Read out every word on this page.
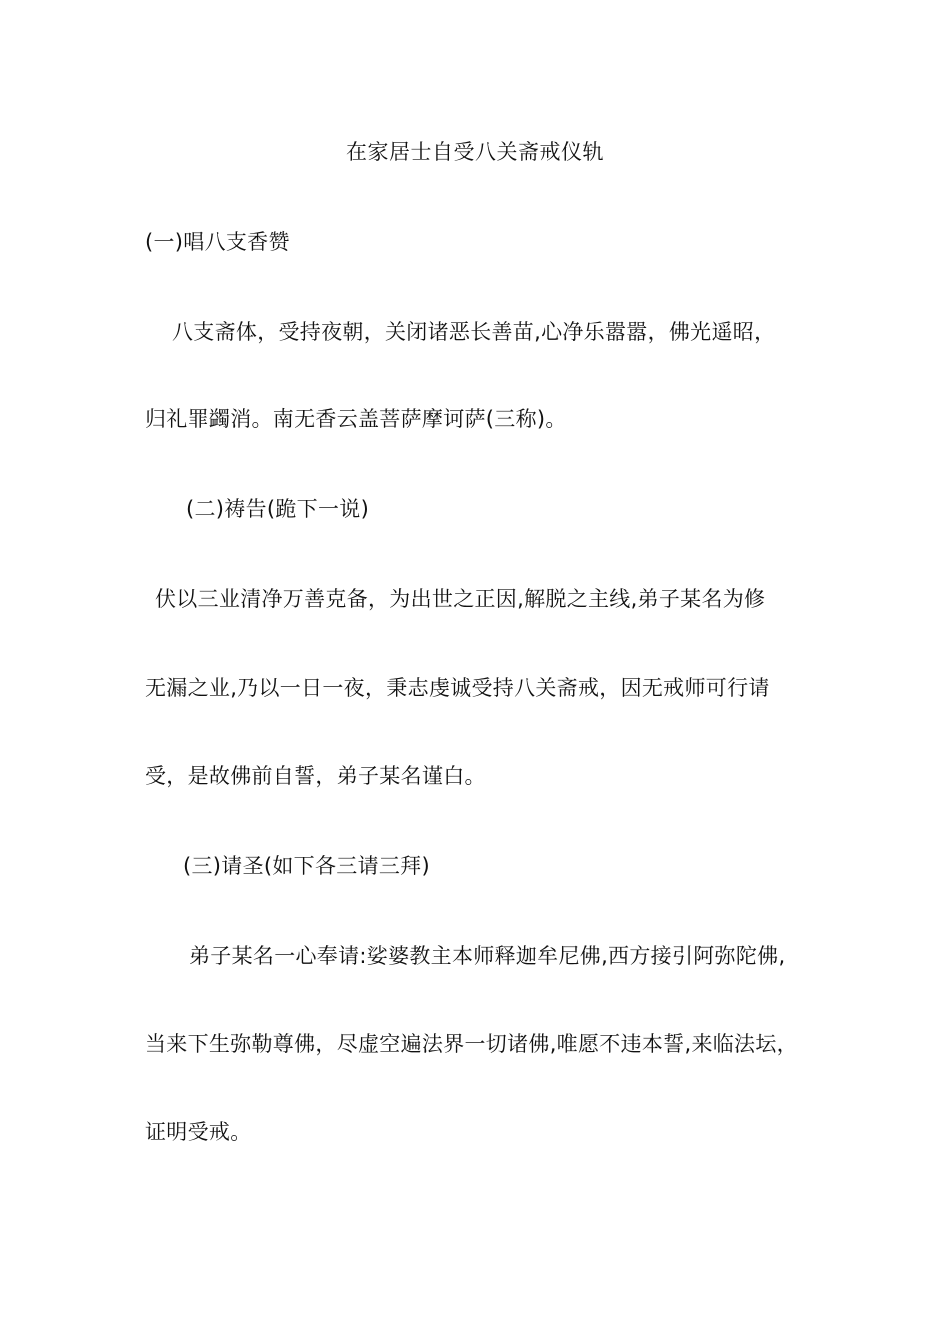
在家居士自受八关斋戒仪轨
(一)唱八支香赞
八支斋体，受持夜朝，关闭诸恶长善苗,心净乐嚣嚣，佛光遥昭，
归礼罪蠲消。南无香云盖菩萨摩诃萨(三称)。
(二)祷告(跪下一说)
伏以三业清净万善克备，为出世之正因,解脱之主线,弟子某名为修
无漏之业,乃以一日一夜，秉志虔诚受持八关斋戒，因无戒师可行请
受，是故佛前自誓，弟子某名谨白。
(三)请圣(如下各三请三拜)
弟子某名一心奉请:娑婆教主本师释迦牟尼佛,西方接引阿弥陀佛,
当来下生弥勒尊佛，尽虚空遍法界一切诸佛,唯愿不违本誓,来临法坛，
证明受戒。
